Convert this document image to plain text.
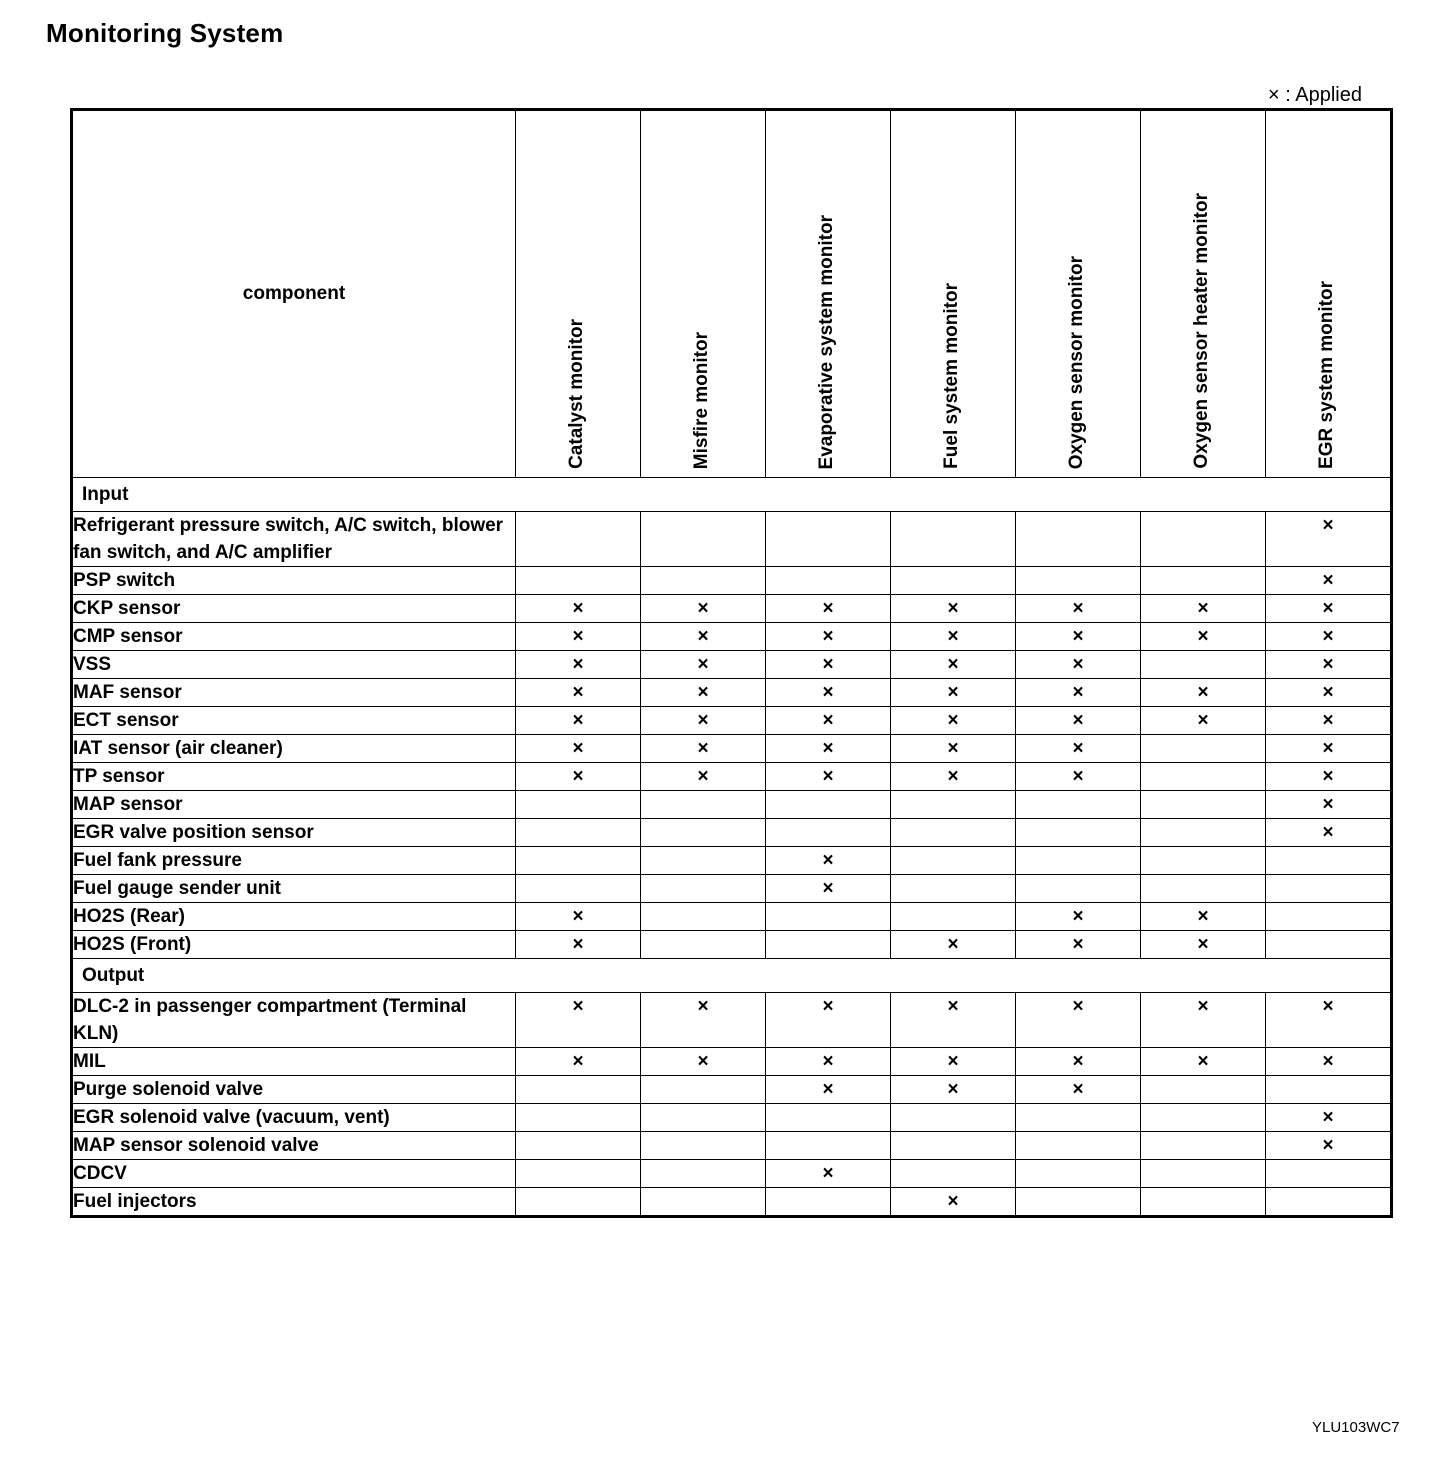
Monitoring System
× : Applied
component	Catalyst monitor	Misfire monitor	Evaporative system monitor	Fuel system monitor	Oxygen sensor monitor	Oxygen sensor heater monitor	EGR system monitor

Input							
Refrigerant pressure switch, A/C switch, blower fan switch, and A/C amplifier							×
PSP switch							×
CKP sensor	×	×	×	×	×	×	×
CMP sensor	×	×	×	×	×	×	×
VSS	×	×	×	×	×		×
MAF sensor	×	×	×	×	×	×	×
ECT sensor	×	×	×	×	×	×	×
IAT sensor (air cleaner)	×	×	×	×	×		×
TP sensor	×	×	×	×	×		×
MAP sensor							×
EGR valve position sensor							×
Fuel fank pressure			×				
Fuel gauge sender unit			×				
HO2S (Rear)	×				×	×	
HO2S (Front)	×			×	×	×	
Output							
DLC-2 in passenger compartment (Terminal KLN)	×	×	×	×	×	×	×
MIL	×	×	×	×	×	×	×
Purge solenoid valve			×	×	×		
EGR solenoid valve (vacuum, vent)							×
MAP sensor solenoid valve							×
CDCV			×				
Fuel injectors				×			
YLU103WC7
